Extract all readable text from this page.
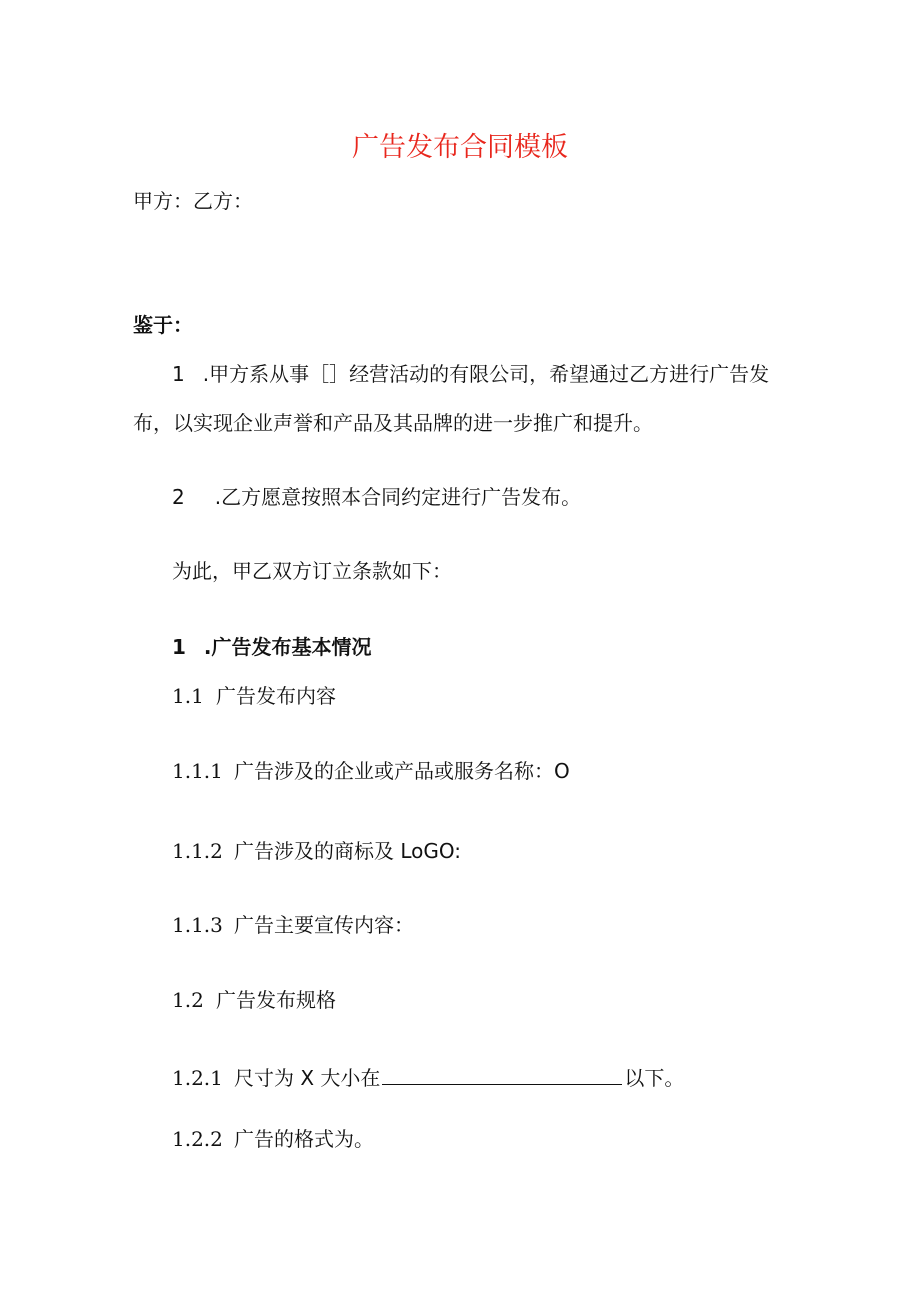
广告发布合同模板
甲方：乙方：
鉴于：
1 .甲方系从事［］经营活动的有限公司，希望通过乙方进行广告发
布，以实现企业声誉和产品及其品牌的进一步推广和提升。
2 .乙方愿意按照本合同约定进行广告发布。
为此，甲乙双方订立条款如下：
1 .广告发布基本情况
1.1 广告发布内容
1.1.1 广告涉及的企业或产品或服务名称：O
1.1.2 广告涉及的商标及 LoGO:
1.1.3 广告主要宣传内容：
1.2 广告发布规格
1.2.1 尺寸为 X 大小在	以下。
1.2.2 广告的格式为。
